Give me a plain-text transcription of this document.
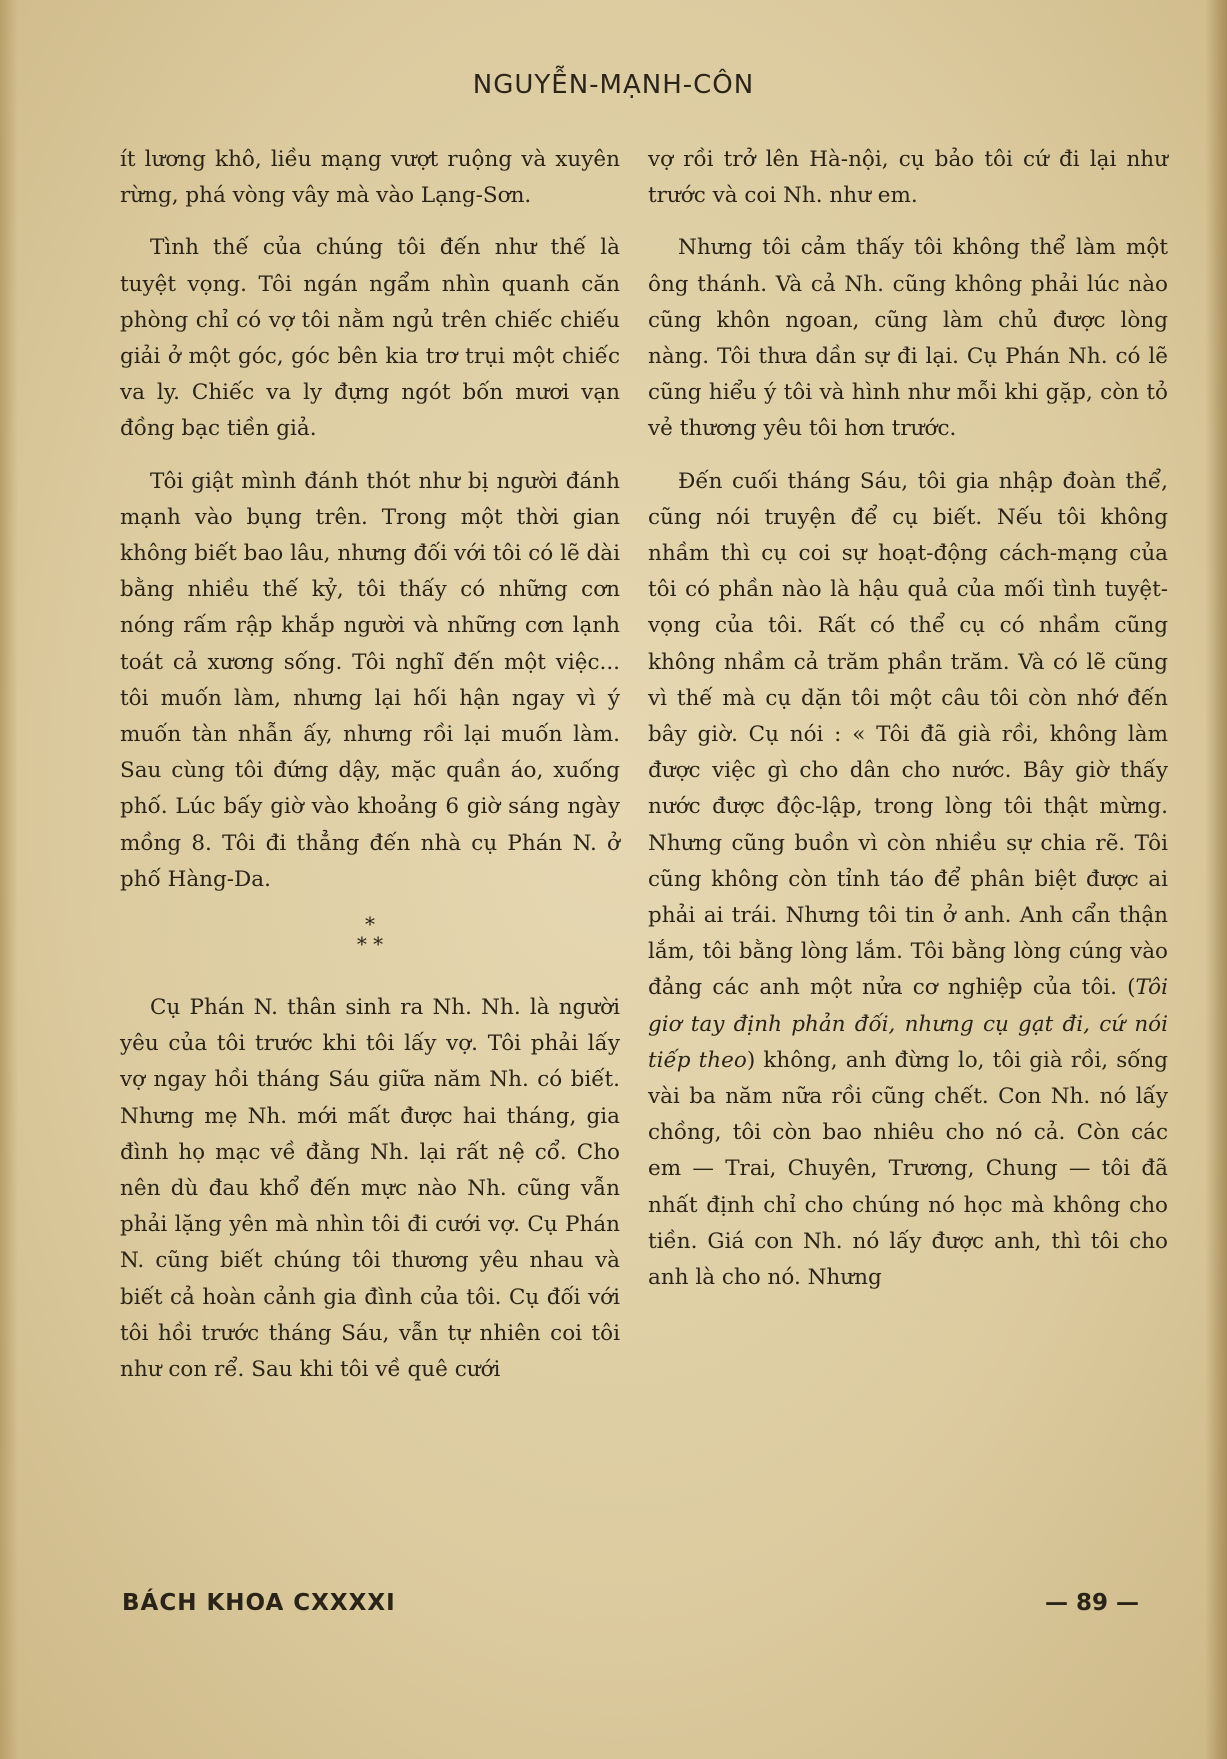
NGUYỄN-MẠNH-CÔN

ít lương khô, liều mạng vượt ruộng và xuyên rừng, phá vòng vây mà vào Lạng-Sơn.

Tình thế của chúng tôi đến như thế là tuyệt vọng. Tôi ngán ngẩm nhìn quanh căn phòng chỉ có vợ tôi nằm ngủ trên chiếc chiếu giải ở một góc, góc bên kia trơ trụi một chiếc va ly. Chiếc va ly đựng ngót bốn mươi vạn đồng bạc tiền giả.

Tôi giật mình đánh thót như bị người đánh mạnh vào bụng trên. Trong một thời gian không biết bao lâu, nhưng đối với tôi có lẽ dài bằng nhiều thế kỷ, tôi thấy có những cơn nóng rấm rập khắp người và những cơn lạnh toát cả xương sống. Tôi nghĩ đến một việc... tôi muốn làm, nhưng lại hối hận ngay vì ý muốn tàn nhẫn ấy, nhưng rồi lại muốn làm. Sau cùng tôi đứng dậy, mặc quần áo, xuống phố. Lúc bấy giờ vào khoảng 6 giờ sáng ngày mồng 8. Tôi đi thẳng đến nhà cụ Phán N. ở phố Hàng-Da.

*
* *

Cụ Phán N. thân sinh ra Nh. Nh. là người yêu của tôi trước khi tôi lấy vợ. Tôi phải lấy vợ ngay hồi tháng Sáu giữa năm Nh. có biết. Nhưng mẹ Nh. mới mất được hai tháng, gia đình họ mạc về đằng Nh. lại rất nệ cổ. Cho nên dù đau khổ đến mực nào Nh. cũng vẫn phải lặng yên mà nhìn tôi đi cưới vợ. Cụ Phán N. cũng biết chúng tôi thương yêu nhau và biết cả hoàn cảnh gia đình của tôi. Cụ đối với tôi hồi trước tháng Sáu, vẫn tự nhiên coi tôi như con rể. Sau khi tôi về quê cưới

vợ rồi trở lên Hà-nội, cụ bảo tôi cứ đi lại như trước và coi Nh. như em.

Nhưng tôi cảm thấy tôi không thể làm một ông thánh. Và cả Nh. cũng không phải lúc nào cũng khôn ngoan, cũng làm chủ được lòng nàng. Tôi thưa dần sự đi lại. Cụ Phán Nh. có lẽ cũng hiểu ý tôi và hình như mỗi khi gặp, còn tỏ vẻ thương yêu tôi hơn trước.

Đến cuối tháng Sáu, tôi gia nhập đoàn thể, cũng nói truyện để cụ biết. Nếu tôi không nhầm thì cụ coi sự hoạt-động cách-mạng của tôi có phần nào là hậu quả của mối tình tuyệt-vọng của tôi. Rất có thể cụ có nhầm cũng không nhầm cả trăm phần trăm. Và có lẽ cũng vì thế mà cụ dặn tôi một câu tôi còn nhớ đến bây giờ. Cụ nói : « Tôi đã già rồi, không làm được việc gì cho dân cho nước. Bây giờ thấy nước được độc-lập, trong lòng tôi thật mừng. Nhưng cũng buồn vì còn nhiều sự chia rẽ. Tôi cũng không còn tỉnh táo để phân biệt được ai phải ai trái. Nhưng tôi tin ở anh. Anh cẩn thận lắm, tôi bằng lòng lắm. Tôi bằng lòng cúng vào đảng các anh một nửa cơ nghiệp của tôi. (Tôi giơ tay định phản đối, nhưng cụ gạt đi, cứ nói tiếp theo) không, anh đừng lo, tôi già rồi, sống vài ba năm nữa rồi cũng chết. Con Nh. nó lấy chồng, tôi còn bao nhiêu cho nó cả. Còn các em — Trai, Chuyên, Trương, Chung — tôi đã nhất định chỉ cho chúng nó học mà không cho tiền. Giá con Nh. nó lấy được anh, thì tôi cho anh là cho nó. Nhưng

BÁCH KHOA CXXXXI	— 89 —
